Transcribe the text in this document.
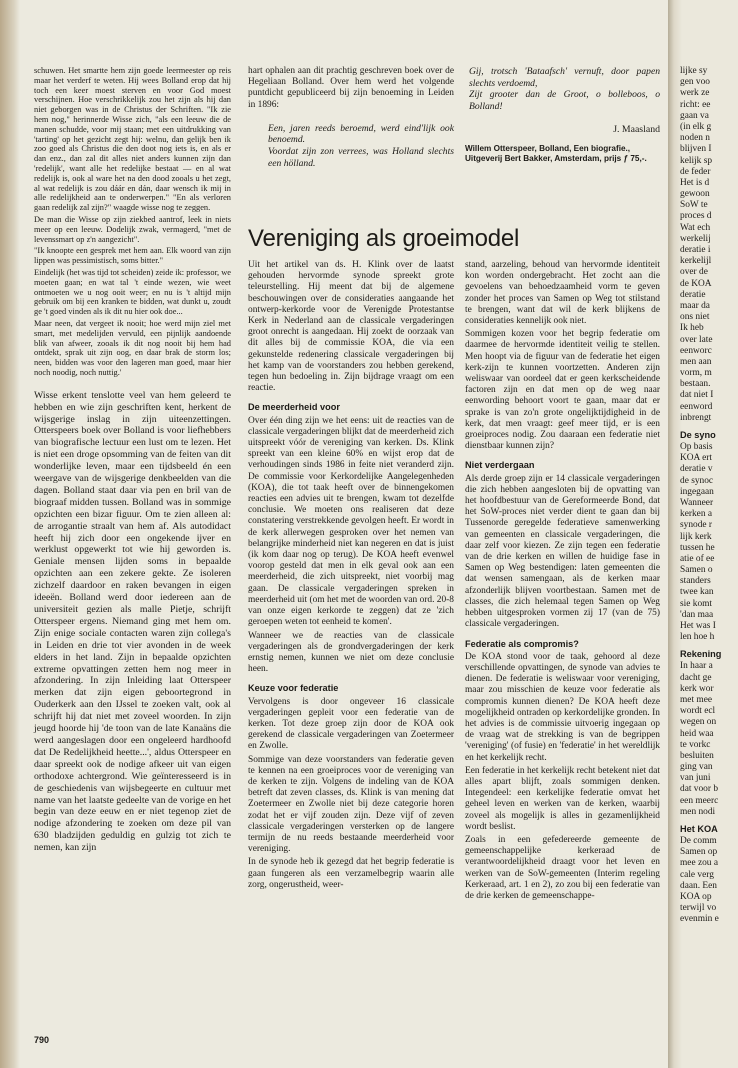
schuwen. Het smartte hem zijn goede leermeester op reis maar het verderf te weten. Hij wees Bolland erop dat hij toch een keer moest sterven en voor God moest verschijnen. Hoe verschrikkelijk zou het zijn als hij dan niet geborgen was in de Christus der Schriften. "Ik zie hem nog," herinnerde Wisse zich, "als een leeuw die de manen schudde, voor mij staan; met een uitdrukking van 'tarting' op het gezicht zegt hij: welnu, dan gelijk ben ik zoo goed als Christus die den doot nog iets is, en als er dan enz., dan zal dit alles niet anders kunnen zijn dan 'redelijk', want alle het redelijke bestaat — en al wat redelijk is, ook al ware het na den dood zooals u het zegt, al wat redelijk is zou dáár en dán, daar wensch ik mij in alle redelijkheid aan te onderwerpen." "En als verloren gaan redelijk zal zijn?" waagde wisse nog te zeggen.

De man die Wisse op zijn ziekbed aantrof, leek in niets meer op een leeuw. Dodelijk zwak, vermagerd, "met de levenssmart op z'n aangezicht".

"Ik knoopte een gesprek met hem aan. Elk woord van zijn lippen was pessimistisch, soms bitter."

Eindelijk (het was tijd tot scheiden) zeide ik: professor, we moeten gaan; en wat tal 't einde wezen, wie weet ontmoeten we u nog ooit weer; en nu is 't altijd mijn gebruik om bij een kranken te bidden, wat dunkt u, zoudt ge 't goed vinden als ik dit nu hier ook doe...

Maar neen, dat vergeet ik nooit; hoe werd mijn ziel met smart, met medelijden vervuld, een pijnlijk aandoende blik van afweer, zooals ik dit nog nooit bij hem had ontdekt, sprak uit zijn oog, en daar brak de storm los; neen, bidden was voor den lageren man goed, maar hier noch noodig, noch nuttig.'

Wisse erkent tenslotte veel van hem geleerd te hebben en wie zijn geschriften kent, herkent de wijsgerige inslag in zijn uiteenzettingen. Otterspeers boek over Bolland is voor liefhebbers van biografische lectuur een lust om te lezen. Het is niet een droge opsomming van de feiten van dit wonderlijke leven, maar een tijdsbeeld én een weergave van de wijsgerige denkbeelden van die dagen. Bolland staat daar via pen en bril van de biograaf midden tussen. Bolland was in sommige opzichten een bizar figuur. Om te zien alleen al: de arrogantie straalt van hem af. Als autodidact heeft hij zich door een ongekende ijver en werklust opgewerkt tot wie hij geworden is. Geniale mensen lijden soms in bepaalde opzichten aan een zekere gekte. Ze isoleren zichzelf daardoor en raken bevangen in eigen ideeën. Bolland werd door iedereen aan de universiteit gezien als malle Pietje, schrijft Otterspeer ergens. Niemand ging met hem om. Zijn enige sociale contacten waren zijn collega's in Leiden en drie tot vier avonden in de week elders in het land. Zijn in bepaalde opzichten extreme opvattingen zetten hem nog meer in afzondering. In zijn Inleiding laat Otterspeer merken dat zijn eigen geboortegrond in Ouderkerk aan den IJssel te zoeken valt, ook al schrijft hij dat niet met zoveel woorden. In zijn jeugd hoorde hij 'de toon van de late Kanaäns die werd aangeslagen door een ongeleerd hardhoofd dat De Redelijkheid heette...', aldus Otterspeer en daar spreekt ook de nodige afkeer uit van eigen orthodoxe achtergrond. Wie geïnteresseerd is in de geschiedenis van wijsbegeerte en cultuur met name van het laatste gedeelte van de vorige en het begin van deze eeuw en er niet tegenop ziet de nodige afzondering te zoeken om deze pil van 630 bladzijden geduldig en gulzig tot zich te nemen, kan zijn

hart ophalen aan dit prachtig geschreven boek over de Hegeliaan Bolland. Over hem werd het volgende puntdicht gepubliceerd bij zijn benoeming in Leiden in 1896:

Een, jaren reeds beroemd, werd eind'lijk ook benoemd.
Voordat zijn zon verrees, was Holland slechts een hölland.
Gij, trotsch 'Bataafsch' vernuft, door papen slechts verdoemd,
Zijt grooter dan de Groot, o bolleboos, o Bolland!

J. Maasland

Willem Otterspeer, Bolland, Een biografie., Uitgeverij Bert Bakker, Amsterdam, prijs ƒ 75,-.

Vereniging als groeimodel

Uit het artikel van ds. H. Klink over de laatst gehouden hervormde synode spreekt grote teleurstelling. Hij meent dat bij de algemene beschouwingen over de consideraties aangaande het ontwerp-kerkorde voor de Verenigde Protestantse Kerk in Nederland aan de classicale vergaderingen groot onrecht is aangedaan. Hij zoekt de oorzaak van dit alles bij de commissie KOA, die via een gekunstelde redenering classicale vergaderingen bij het kamp van de voorstanders zou hebben gerekend, tegen hun bedoeling in. Zijn bijdrage vraagt om een reactie.

De meerderheid voor

Over één ding zijn we het eens: uit de reacties van de classicale vergaderingen blijkt dat de meerderheid zich uitspreekt vóór de vereniging van kerken. Ds. Klink spreekt van een kleine 60% en wijst erop dat de verhoudingen sinds 1986 in feite niet veranderd zijn. De commissie voor Kerkordelijke Aangelegenheden (KOA), die tot taak heeft over de binnengekomen reacties een advies uit te brengen, kwam tot dezelfde conclusie. We moeten ons realiseren dat deze constatering verstrekkende gevolgen heeft. Er wordt in de kerk allerwegen gesproken over het nemen van belangrijke minderheid niet kan negeren en dat is juist (ik kom daar nog op terug). De KOA heeft evenwel voorop gesteld dat men in elk geval ook aan een meerderheid, die zich uitspreekt, niet voorbij mag gaan. De classicale vergaderingen spreken in meerderheid uit (om het met de woorden van ord. 20-8 van onze eigen kerkorde te zeggen) dat ze 'zich geroepen weten tot eenheid te komen'.

Wanneer we de reacties van de classicale vergaderingen als de grondvergaderingen der kerk ernstig nemen, kunnen we niet om deze conclusie heen.

Keuze voor federatie

Vervolgens is door ongeveer 16 classicale vergaderingen gepleit voor een federatie van de kerken. Tot deze groep zijn door de KOA ook gerekend de classicale vergaderingen van Zoetermeer en Zwolle.

Sommige van deze voorstanders van federatie geven te kennen na een groeiproces voor de vereniging van de kerken te zijn. Volgens de indeling van de KOA betreft dat zeven classes, ds. Klink is van mening dat Zoetermeer en Zwolle niet bij deze categorie horen zodat het er vijf zouden zijn. Deze vijf of zeven classicale vergaderingen versterken op de langere termijn de nu reeds bestaande meerderheid voor vereniging.

In de synode heb ik gezegd dat het begrip federatie is gaan fungeren als een verzamelbegrip waarin alle zorg, ongerustheid, weer-

stand, aarzeling, behoud van hervormde identiteit kon worden ondergebracht. Het zocht aan die gevoelens van behoedzaamheid vorm te geven zonder het proces van Samen op Weg tot stilstand te brengen, want dat wil de kerk blijkens de consideraties kennelijk ook niet.

Sommigen kozen voor het begrip federatie om daarmee de hervormde identiteit veilig te stellen. Men hoopt via de figuur van de federatie het eigen kerk-zijn te kunnen voortzetten. Anderen zijn weliswaar van oordeel dat er geen kerkscheidende factoren zijn en dat men op de weg naar eenwording behoort voort te gaan, maar dat er sprake is van zo'n grote ongelijktijdigheid in de kerk, dat men vraagt: geef meer tijd, er is een groeiproces nodig. Zou daaraan een federatie niet dienstbaar kunnen zijn?

Niet verdergaan

Als derde groep zijn er 14 classicale vergaderingen die zich hebben aangesloten bij de opvatting van het hoofdbestuur van de Gereformeerde Bond, dat het SoW-proces niet verder dient te gaan dan bij Tussenorde geregelde federatieve samenwerking van gemeenten en classicale vergaderingen, die daar zelf voor kiezen. Ze zijn tegen een federatie van de drie kerken en willen de huidige fase in Samen op Weg bestendigen: laten gemeenten die dat wensen samengaan, als de kerken maar afzonderlijk blijven voortbestaan. Samen met de classes, die zich helemaal tegen Samen op Weg hebben uitgesproken vormen zij 17 (van de 75) classicale vergaderingen.

Federatie als compromis?

De KOA stond voor de taak, gehoord al deze verschillende opvattingen, de synode van advies te dienen. De federatie is weliswaar voor vereniging, maar zou misschien de keuze voor federatie als compromis kunnen dienen? De KOA heeft deze mogelijkheid ontraden op kerkordelijke gronden. In het advies is de commissie uitvoerig ingegaan op de vraag wat de strekking is van de begrippen 'vereniging' (of fusie) en 'federatie' in het wereldlijk en het kerkelijk recht.

Een federatie in het kerkelijk recht betekent niet dat alles apart blijft, zoals sommigen denken. Integendeel: een kerkelijke federatie omvat het geheel leven en werken van de kerken, waarbij zoveel als mogelijk is alles in gezamenlijkheid wordt beslist.

Zoals in een gefedereerde gemeente de gemeenschappelijke kerkeraad de verantwoordelijkheid draagt voor het leven en werken van de SoW-gemeenten (Interim regeling Kerkeraad, art. 1 en 2), zo zou bij een federatie van de drie kerken de gemeenschappe-

790
lijke sy
gen voo
werk ze
richt: ee
gaan va
(in elk g
noden n
blijven I
kelijk sp
de feder
Het is d
gewoon
SoW te
proces d
Wat ech
werkelij
deratie i
kerkelijl
over de
de KOA
deratie
maar da
ons niet
Ik heb
over late
eenworc
men aan
vorm, m
bestaan.
dat niet I
eenword
inbrengt
De syno
Op basis
KOA ert
deratie v
de synoc
ingegaan
Wanneer
kerken a
synode r
lijk kerk
tussen he
atie of ee
Samen o
standers
twee kan
sie komt
'dan maa
Het was I
len hoe h
Rekening
In haar a
dacht ge
kerk wor
met mee
wordt ecl
wegen on
heid waa
te vorkc
besluiten
ging van
van juni
dat voor b
een meerc
men nodi
Het KOA
De comm
Samen op
mee zou a
cale verg
daan. Een
KOA op
terwijl vo
evenmin e
